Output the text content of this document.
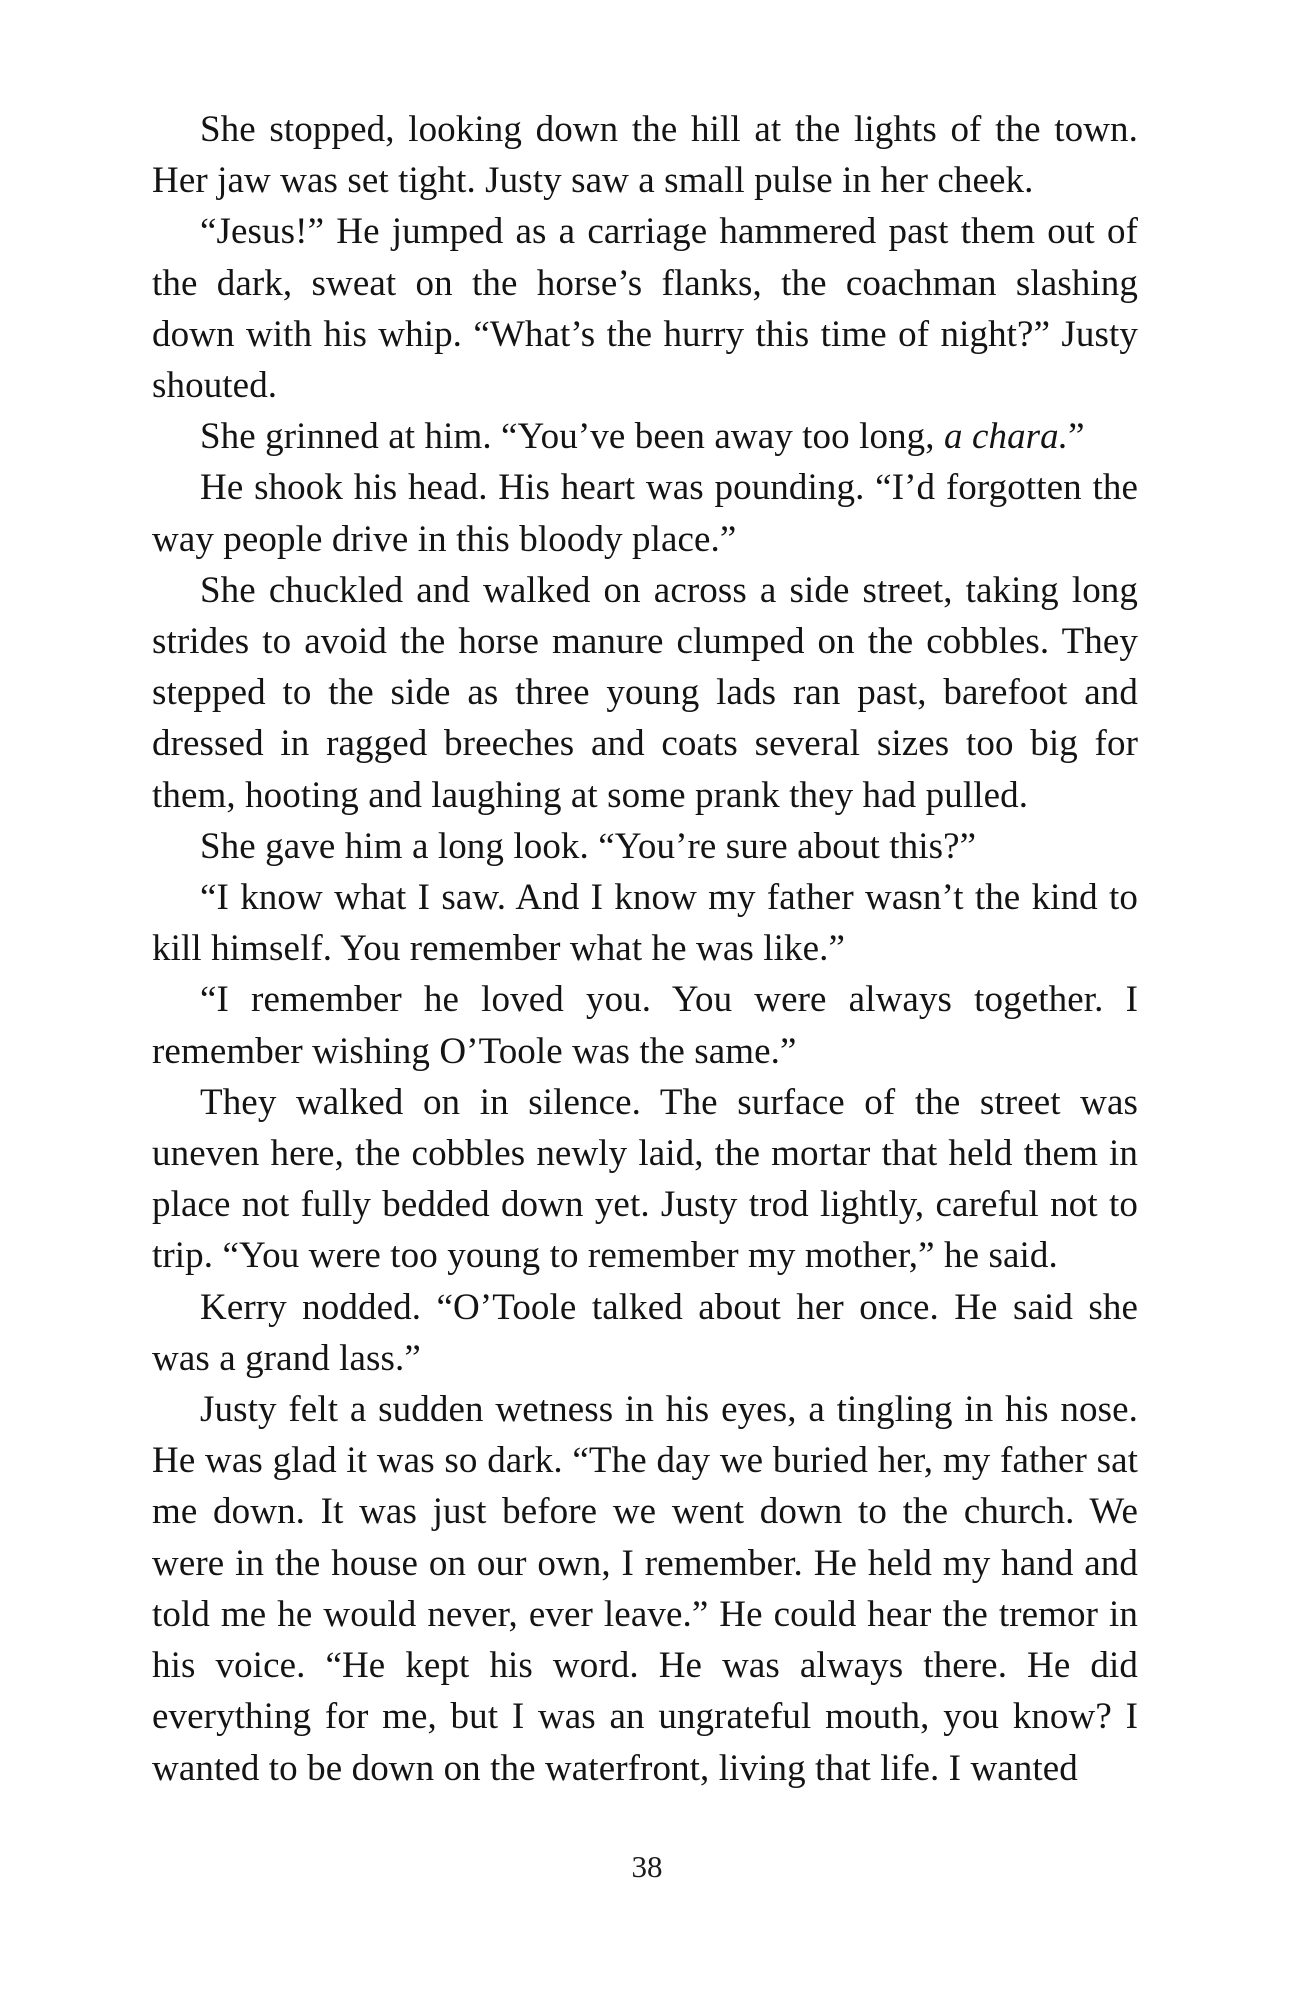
She stopped, looking down the hill at the lights of the town. Her jaw was set tight. Justy saw a small pulse in her cheek.

“Jesus!” He jumped as a carriage hammered past them out of the dark, sweat on the horse’s flanks, the coachman slashing down with his whip. “What’s the hurry this time of night?” Justy shouted.

She grinned at him. “You’ve been away too long, a chara.”

He shook his head. His heart was pounding. “I’d forgotten the way people drive in this bloody place.”

She chuckled and walked on across a side street, taking long strides to avoid the horse manure clumped on the cobbles. They stepped to the side as three young lads ran past, barefoot and dressed in ragged breeches and coats several sizes too big for them, hooting and laughing at some prank they had pulled.

She gave him a long look. “You’re sure about this?”

“I know what I saw. And I know my father wasn’t the kind to kill himself. You remember what he was like.”

“I remember he loved you. You were always together. I remember wishing O’Toole was the same.”

They walked on in silence. The surface of the street was uneven here, the cobbles newly laid, the mortar that held them in place not fully bedded down yet. Justy trod lightly, careful not to trip. “You were too young to remember my mother,” he said.

Kerry nodded. “O’Toole talked about her once. He said she was a grand lass.”

Justy felt a sudden wetness in his eyes, a tingling in his nose. He was glad it was so dark. “The day we buried her, my father sat me down. It was just before we went down to the church. We were in the house on our own, I remember. He held my hand and told me he would never, ever leave.” He could hear the tremor in his voice. “He kept his word. He was always there. He did everything for me, but I was an ungrateful mouth, you know? I wanted to be down on the waterfront, living that life. I wanted

38
